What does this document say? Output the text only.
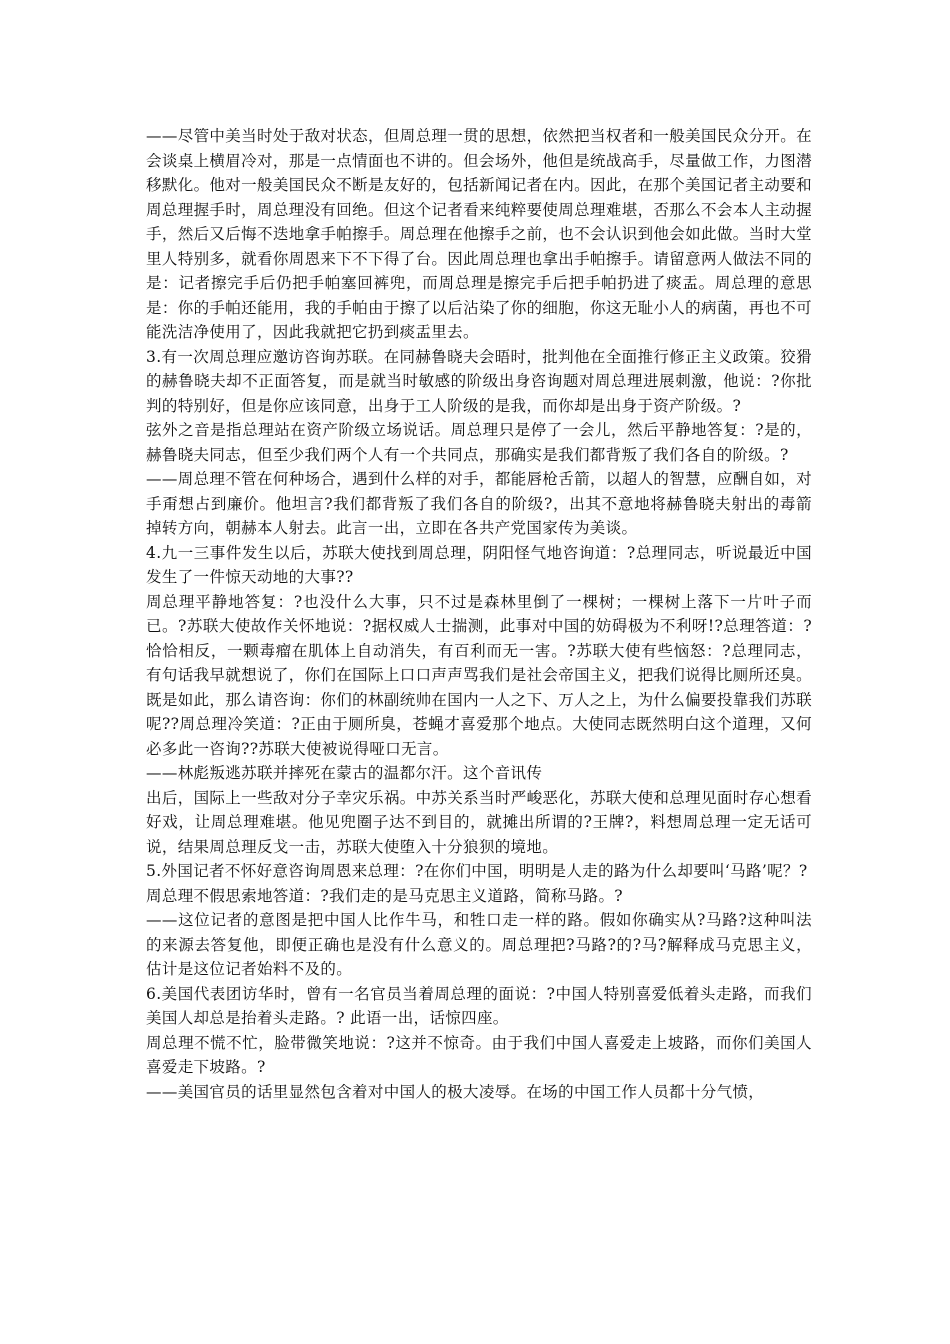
——尽管中美当时处于敌对状态，但周总理一贯的思想，依然把当权者和一般美国民众分开。在会谈桌上横眉冷对，那是一点情面也不讲的。但会场外，他但是统战高手，尽量做工作，力图潜移默化。他对一般美国民众不断是友好的，包括新闻记者在内。因此，在那个美国记者主动要和周总理握手时，周总理没有回绝。但这个记者看来纯粹要使周总理难堪，否那么不会本人主动握手，然后又后悔不迭地拿手帕擦手。周总理在他擦手之前，也不会认识到他会如此做。当时大堂里人特别多，就看你周恩来下不下得了台。因此周总理也拿出手帕擦手。请留意两人做法不同的是：记者擦完手后仍把手帕塞回裤兜，而周总理是擦完手后把手帕扔进了痰盂。周总理的意思是：你的手帕还能用，我的手帕由于擦了以后沾染了你的细胞，你这无耻小人的病菌，再也不可能洗洁净使用了，因此我就把它扔到痰盂里去。

3.有一次周总理应邀访咨询苏联。在同赫鲁晓夫会晤时，批判他在全面推行修正主义政策。狡猾的赫鲁晓夫却不正面答复，而是就当时敏感的阶级出身咨询题对周总理进展刺激，他说：?你批判的特别好，但是你应该同意，出身于工人阶级的是我，而你却是出身于资产阶级。?

弦外之音是指总理站在资产阶级立场说话。周总理只是停了一会儿，然后平静地答复：?是的，赫鲁晓夫同志，但至少我们两个人有一个共同点，那确实是我们都背叛了我们各自的阶级。?

——周总理不管在何种场合，遇到什么样的对手，都能唇枪舌箭，以超人的智慧，应酬自如，对手甭想占到廉价。他坦言?我们都背叛了我们各自的阶级?，出其不意地将赫鲁晓夫射出的毒箭掉转方向，朝赫本人射去。此言一出，立即在各共产党国家传为美谈。

4.九一三事件发生以后，苏联大使找到周总理，阴阳怪气地咨询道：?总理同志，听说最近中国发生了一件惊天动地的大事??

周总理平静地答复：?也没什么大事，只不过是森林里倒了一棵树；一棵树上落下一片叶子而已。?苏联大使故作关怀地说：?据权威人士揣测，此事对中国的妨碍极为不利呀!?总理答道：?恰恰相反，一颗毒瘤在肌体上自动消失，有百利而无一害。?苏联大使有些恼怒：?总理同志，有句话我早就想说了，你们在国际上口口声声骂我们是社会帝国主义，把我们说得比厕所还臭。既是如此，那么请咨询：你们的林副统帅在国内一人之下、万人之上，为什么偏要投靠我们苏联呢??周总理冷笑道：?正由于厕所臭，苍蝇才喜爱那个地点。大使同志既然明白这个道理，又何必多此一咨询??苏联大使被说得哑口无言。

——林彪叛逃苏联并摔死在蒙古的温都尔汗。这个音讯传

出后，国际上一些敌对分子幸灾乐祸。中苏关系当时严峻恶化，苏联大使和总理见面时存心想看好戏，让周总理难堪。他见兜圈子达不到目的，就摊出所谓的?王牌?，料想周总理一定无话可说，结果周总理反戈一击，苏联大使堕入十分狼狈的境地。

5.外国记者不怀好意咨询周恩来总理：?在你们中国，明明是人走的路为什么却要叫‘马路’呢？?

周总理不假思索地答道：?我们走的是马克思主义道路，简称马路。?

——这位记者的意图是把中国人比作牛马，和牲口走一样的路。假如你确实从?马路?这种叫法的来源去答复他，即便正确也是没有什么意义的。周总理把?马路?的?马?解释成马克思主义，估计是这位记者始料不及的。

6.美国代表团访华时，曾有一名官员当着周总理的面说：?中国人特别喜爱低着头走路，而我们美国人却总是抬着头走路。? 此语一出，话惊四座。

周总理不慌不忙，脸带微笑地说：?这并不惊奇。由于我们中国人喜爱走上坡路，而你们美国人喜爱走下坡路。?

——美国官员的话里显然包含着对中国人的极大凌辱。在场的中国工作人员都十分气愤，
